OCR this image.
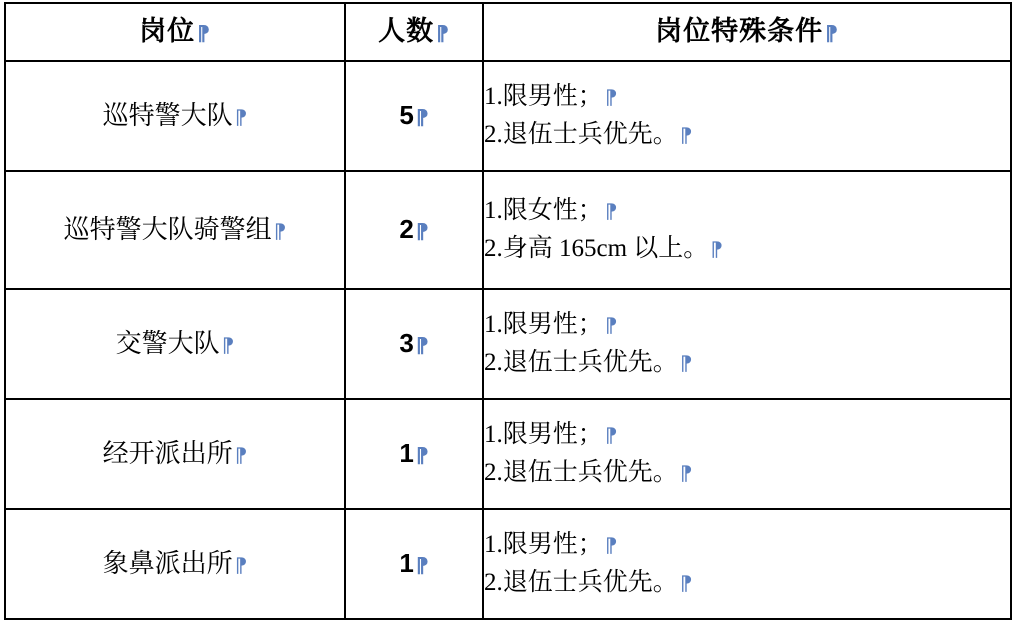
岗位 ⁋	人数 ⁋	岗位特殊条件 ⁋

巡特警大队 ⁋	5 ⁋	1.限男性； ⁋
2.退伍士兵优先。 ⁋

巡特警大队骑警组 ⁋	2 ⁋	1.限女性； ⁋
2.身高 165cm 以上。 ⁋

交警大队 ⁋	3 ⁋	1.限男性； ⁋
2.退伍士兵优先。 ⁋

经开派出所 ⁋	1 ⁋	1.限男性； ⁋
2.退伍士兵优先。 ⁋

象鼻派出所 ⁋	1 ⁋	1.限男性； ⁋
2.退伍士兵优先。 ⁋
